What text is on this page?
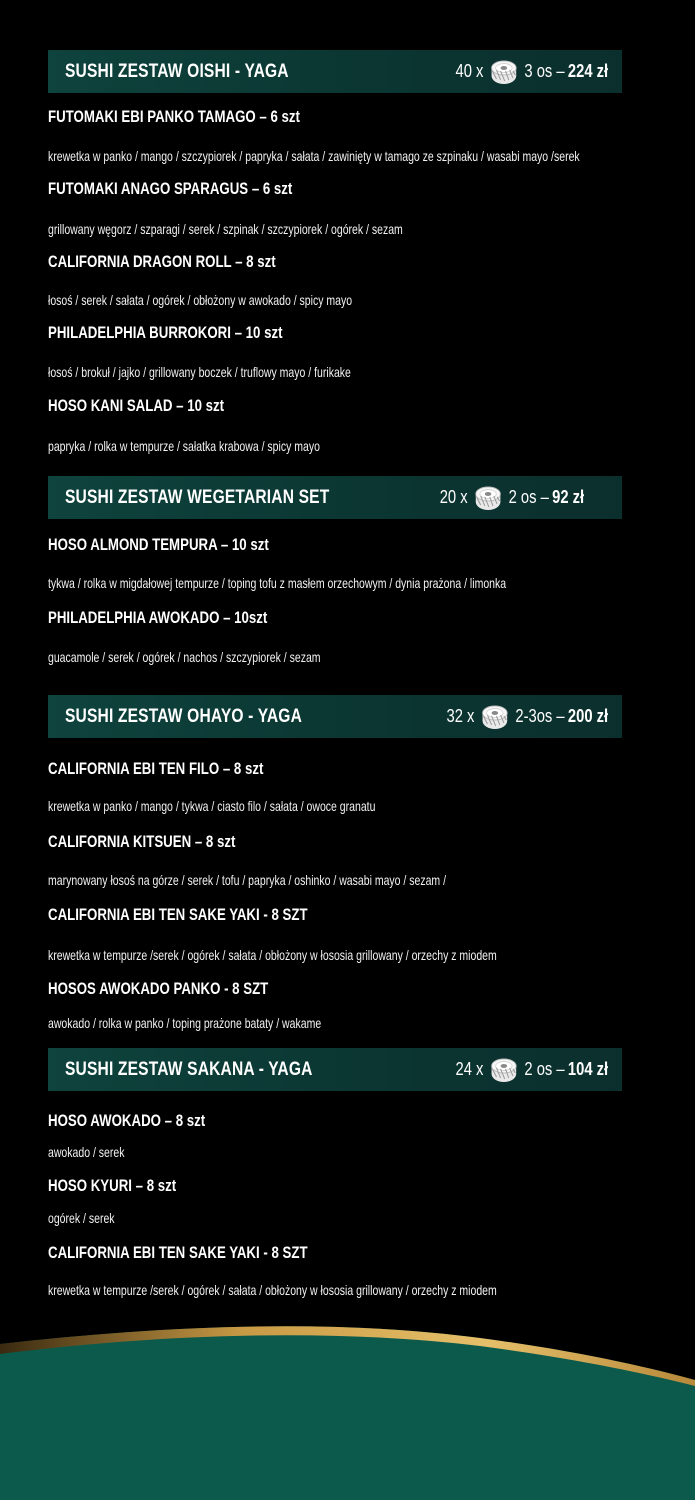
SUSHI ZESTAW OISHI - YAGA	40 x 3 os – 224 zł
FUTOMAKI EBI PANKO TAMAGO – 6 szt
krewetka w panko / mango / szczypiorek / papryka / sałata / zawinięty w tamago ze szpinaku / wasabi mayo /serek
FUTOMAKI ANAGO SPARAGUS – 6 szt
grillowany węgorz / szparagi / serek / szpinak / szczypiorek / ogórek / sezam
CALIFORNIA DRAGON ROLL – 8 szt
łosoś / serek / sałata / ogórek / obłożony w awokado / spicy mayo
PHILADELPHIA BURROKORI – 10 szt
łosoś / brokuł / jajko / grillowany boczek / truflowy mayo / furikake
HOSO KANI SALAD – 10 szt
papryka / rolka w tempurze / sałatka krabowa / spicy mayo
SUSHI ZESTAW WEGETARIAN SET	20 x 2 os – 92 zł
HOSO ALMOND TEMPURA – 10 szt
tykwa / rolka w migdałowej tempurze / toping tofu z masłem orzechowym / dynia prażona / limonka
PHILADELPHIA AWOKADO – 10szt
guacamole / serek / ogórek / nachos / szczypiorek / sezam
SUSHI ZESTAW OHAYO - YAGA	32 x 2-3os – 200 zł
CALIFORNIA EBI TEN FILO – 8 szt
krewetka w panko / mango / tykwa / ciasto filo / sałata / owoce granatu
CALIFORNIA KITSUEN – 8 szt
marynowany łosoś na górze / serek / tofu / papryka / oshinko / wasabi mayo / sezam /
CALIFORNIA EBI TEN SAKE YAKI - 8 SZT
krewetka w tempurze /serek / ogórek / sałata / obłożony w łososia grillowany / orzechy z miodem
HOSOS AWOKADO PANKO - 8 SZT
awokado / rolka w panko / toping prażone bataty / wakame
SUSHI ZESTAW SAKANA - YAGA	24 x 2 os – 104 zł
HOSO AWOKADO – 8 szt
awokado / serek
HOSO KYURI – 8 szt
ogórek / serek
CALIFORNIA EBI TEN SAKE YAKI - 8 SZT
krewetka w tempurze /serek / ogórek / sałata / obłożony w łososia grillowany / orzechy z miodem
